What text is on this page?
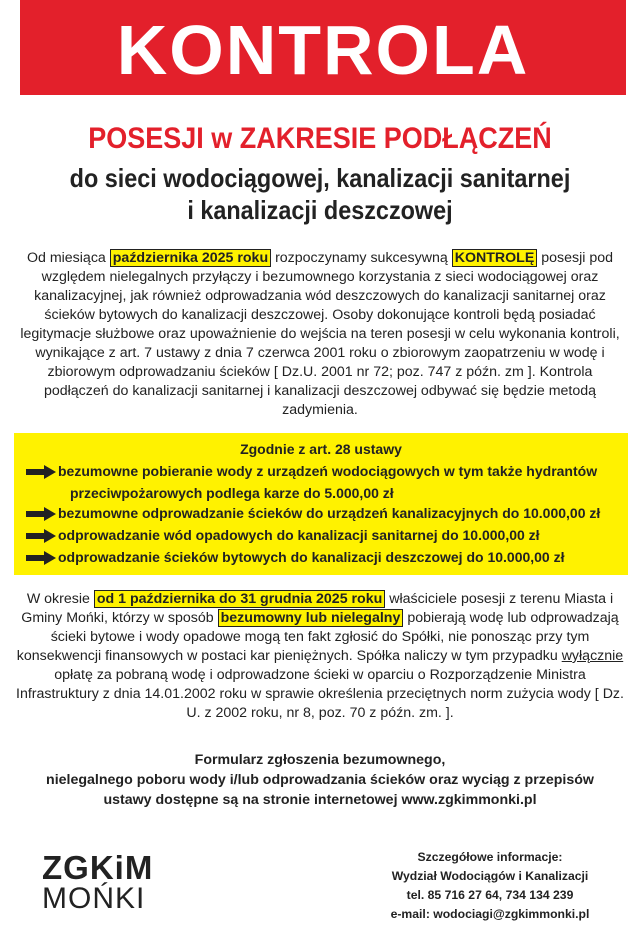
KONTROLA
POSESJI w ZAKRESIE PODŁĄCZEŃ
do sieci wodociągowej, kanalizacji sanitarnej
i kanalizacji deszczowej
Od miesiąca października 2025 roku rozpoczynamy sukcesywną KONTROLĘ posesji pod względem nielegalnych przyłączy i bezumownego korzystania z sieci wodociągowej oraz kanalizacyjnej, jak również odprowadzania wód deszczowych do kanalizacji sanitarnej oraz ścieków bytowych do kanalizacji deszczowej. Osoby dokonujące kontroli będą posiadać legitymacje służbowe oraz upoważnienie do wejścia na teren posesji w celu wykonania kontroli, wynikające z art. 7 ustawy z dnia 7 czerwca 2001 roku o zbiorowym zaopatrzeniu w wodę i zbiorowym odprowadzaniu ścieków [ Dz.U. 2001 nr 72; poz. 747 z późn. zm ]. Kontrola podłączeń do kanalizacji sanitarnej i kanalizacji deszczowej odbywać się będzie metodą zadymienia.
Zgodnie z art. 28 ustawy
bezumowne pobieranie wody z urządzeń wodociągowych w tym także hydrantów
przeciwpożarowych podlega karze do 5.000,00 zł
bezumowne odprowadzanie ścieków do urządzeń kanalizacyjnych do 10.000,00 zł
odprowadzanie wód opadowych do kanalizacji sanitarnej do 10.000,00 zł
odprowadzanie ścieków bytowych do kanalizacji deszczowej do 10.000,00 zł
W okresie od 1 października do 31 grudnia 2025 roku właściciele posesji z terenu Miasta i Gminy Mońki, którzy w sposób bezumowny lub nielegalny pobierają wodę lub odprowadzają ścieki bytowe i wody opadowe mogą ten fakt zgłosić do Spółki, nie ponosząc przy tym konsekwencji finansowych w postaci kar pieniężnych. Spółka naliczy w tym przypadku wyłącznie opłatę za pobraną wodę i odprowadzone ścieki w oparciu o Rozporządzenie Ministra Infrastruktury z dnia 14.01.2002 roku w sprawie określenia przeciętnych norm zużycia wody [ Dz. U. z 2002 roku, nr 8, poz. 70 z późn. zm. ].
Formularz zgłoszenia bezumownego,
nielegalnego poboru wody i/lub odprowadzania ścieków oraz wyciąg z przepisów
ustawy dostępne są na stronie internetowej www.zgkimmonki.pl
ZGKiM
MOŃKI
Szczegółowe informacje:
Wydział Wodociągów i Kanalizacji
tel. 85 716 27 64, 734 134 239
e-mail: wodociagi@zgkimmonki.pl
